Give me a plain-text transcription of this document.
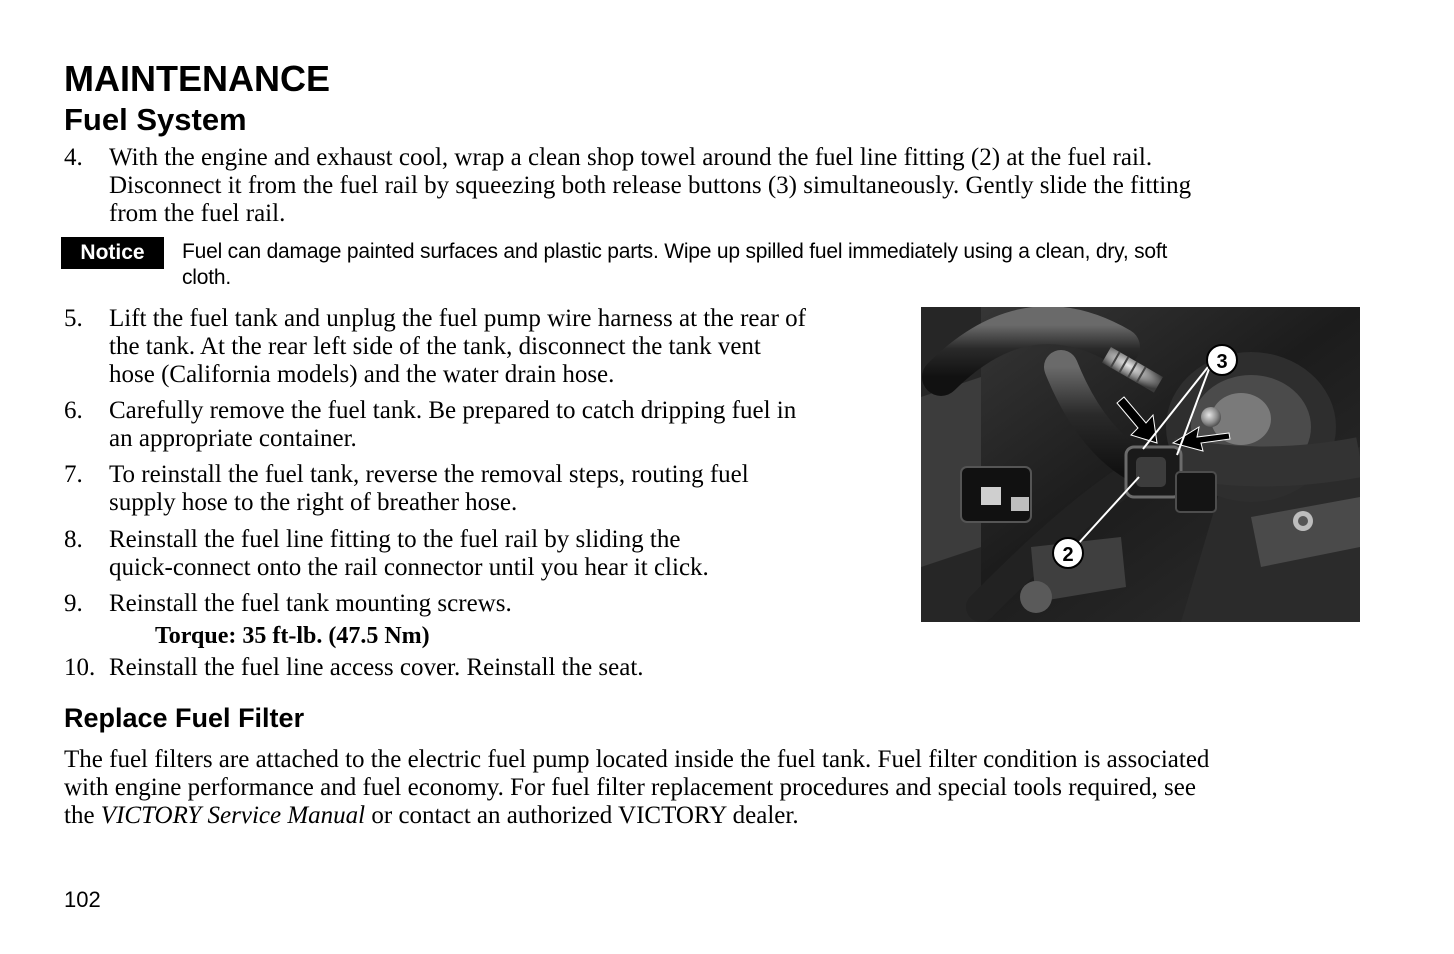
MAINTENANCE
Fuel System
4. With the engine and exhaust cool, wrap a clean shop towel around the fuel line fitting (2) at the fuel rail.
Disconnect it from the fuel rail by squeezing both release buttons (3) simultaneously. Gently slide the fitting
from the fuel rail.
Notice	Fuel can damage painted surfaces and plastic parts. Wipe up spilled fuel immediately using a clean, dry, soft
cloth.
5. Lift the fuel tank and unplug the fuel pump wire harness at the rear of
the tank. At the rear left side of the tank, disconnect the tank vent
hose (California models) and the water drain hose.
6. Carefully remove the fuel tank. Be prepared to catch dripping fuel in
an appropriate container.
7. To reinstall the fuel tank, reverse the removal steps, routing fuel
supply hose to the right of breather hose.
8. Reinstall the fuel line fitting to the fuel rail by sliding the
quick-connect onto the rail connector until you hear it click.
9. Reinstall the fuel tank mounting screws.
Torque: 35 ft-lb. (47.5 Nm)
10. Reinstall the fuel line access cover. Reinstall the seat.
3
2
Replace Fuel Filter
The fuel filters are attached to the electric fuel pump located inside the fuel tank. Fuel filter condition is associated
with engine performance and fuel economy. For fuel filter replacement procedures and special tools required, see
the VICTORY Service Manual or contact an authorized VICTORY dealer.
102
